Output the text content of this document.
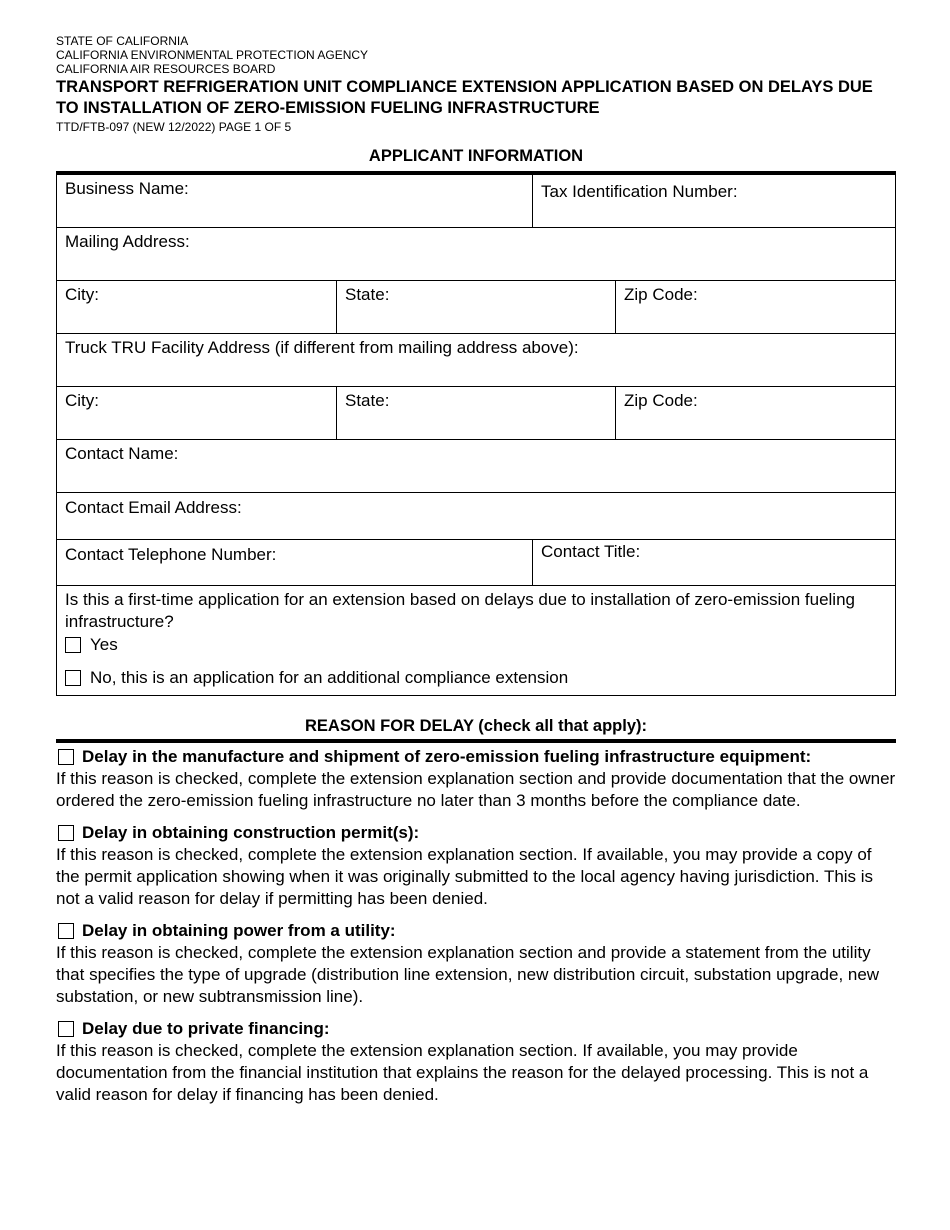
STATE OF CALIFORNIA
CALIFORNIA ENVIRONMENTAL PROTECTION AGENCY
CALIFORNIA AIR RESOURCES BOARD
TRANSPORT REFRIGERATION UNIT COMPLIANCE EXTENSION APPLICATION BASED ON DELAYS DUE TO INSTALLATION OF ZERO-EMISSION FUELING INFRASTRUCTURE
TTD/FTB-097 (NEW 12/2022) PAGE 1 OF 5
APPLICANT INFORMATION
Business Name:	Tax Identification Number:
Mailing Address:
City:	State:	Zip Code:
Truck TRU Facility Address (if different from mailing address above):
City:	State:	Zip Code:
Contact Name:
Contact Email Address:
Contact Telephone Number:	Contact Title:
Is this a first-time application for an extension based on delays due to installation of zero-emission fueling infrastructure?
Yes
No, this is an application for an additional compliance extension
REASON FOR DELAY (check all that apply):
Delay in the manufacture and shipment of zero-emission fueling infrastructure equipment:
If this reason is checked, complete the extension explanation section and provide documentation that the owner ordered the zero-emission fueling infrastructure no later than 3 months before the compliance date.
Delay in obtaining construction permit(s):
If this reason is checked, complete the extension explanation section. If available, you may provide a copy of the permit application showing when it was originally submitted to the local agency having jurisdiction. This is not a valid reason for delay if permitting has been denied.
Delay in obtaining power from a utility:
If this reason is checked, complete the extension explanation section and provide a statement from the utility that specifies the type of upgrade (distribution line extension, new distribution circuit, substation upgrade, new substation, or new subtransmission line).
Delay due to private financing:
If this reason is checked, complete the extension explanation section. If available, you may provide documentation from the financial institution that explains the reason for the delayed processing. This is not a valid reason for delay if financing has been denied.
